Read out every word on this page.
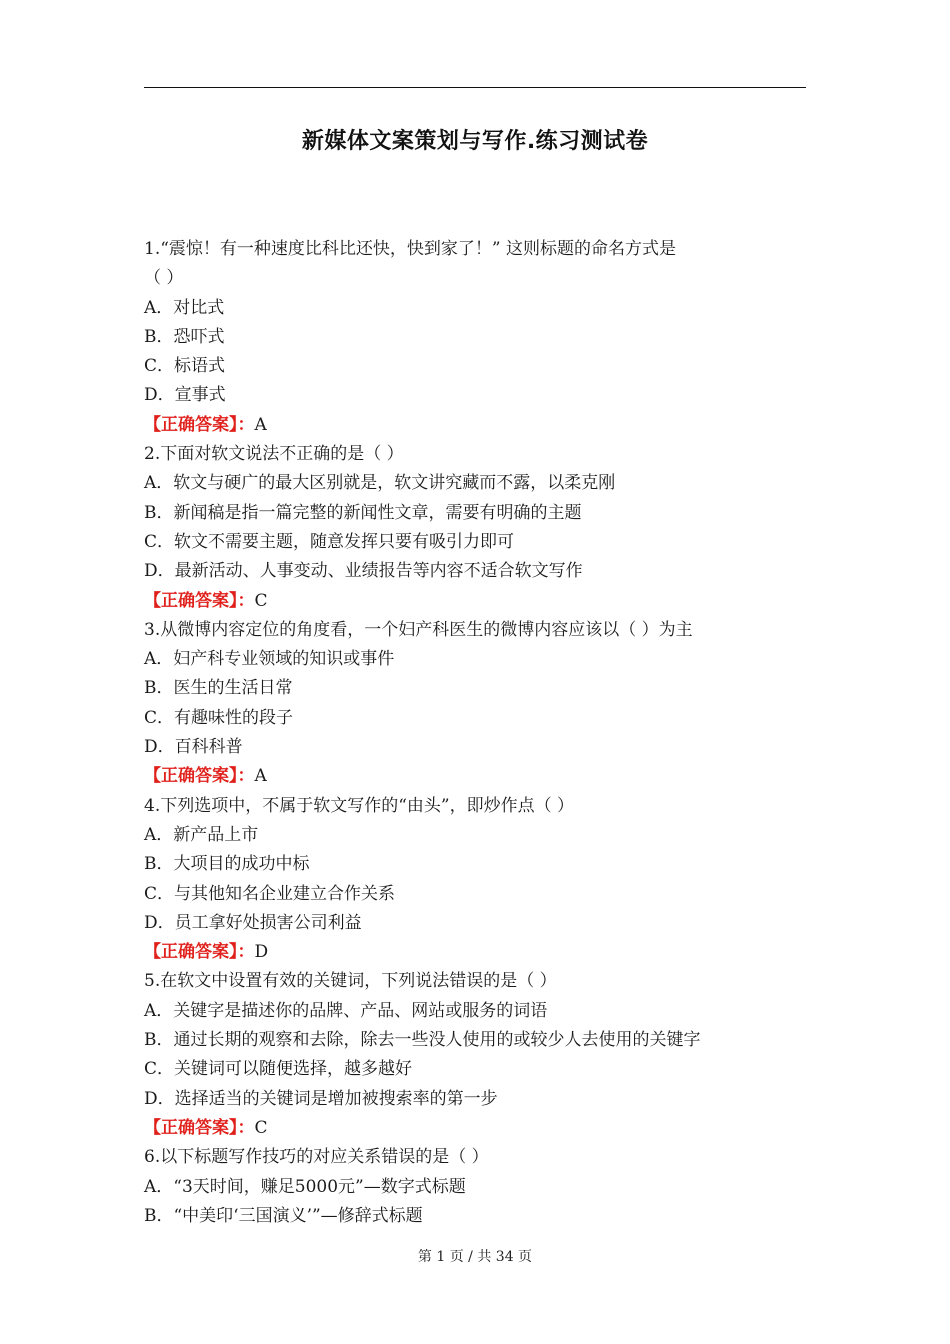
新媒体文案策划与写作.练习测试卷
1.“震惊！有一种速度比科比还快，快到家了！” 这则标题的命名方式是
（ ）
A．对比式
B．恐吓式
C．标语式
D．宣事式
【正确答案】：A
2.下面对软文说法不正确的是（ ）
A．软文与硬广的最大区别就是，软文讲究藏而不露，以柔克刚
B．新闻稿是指一篇完整的新闻性文章，需要有明确的主题
C．软文不需要主题，随意发挥只要有吸引力即可
D．最新活动、人事变动、业绩报告等内容不适合软文写作
【正确答案】：C
3.从微博内容定位的角度看，一个妇产科医生的微博内容应该以（ ）为主
A．妇产科专业领域的知识或事件
B．医生的生活日常
C．有趣味性的段子
D．百科科普
【正确答案】：A
4.下列选项中，不属于软文写作的“由头”，即炒作点（ ）
A．新产品上市
B．大项目的成功中标
C．与其他知名企业建立合作关系
D．员工拿好处损害公司利益
【正确答案】：D
5.在软文中设置有效的关键词，下列说法错误的是（ ）
A．关键字是描述你的品牌、产品、网站或服务的词语
B．通过长期的观察和去除，除去一些没人使用的或较少人去使用的关键字
C．关键词可以随便选择，越多越好
D．选择适当的关键词是增加被搜索率的第一步
【正确答案】：C
6.以下标题写作技巧的对应关系错误的是（ ）
A．“3天时间，赚足5000元”—数字式标题
B．“中美印‘三国演义’”—修辞式标题
第 1 页 / 共 34 页
